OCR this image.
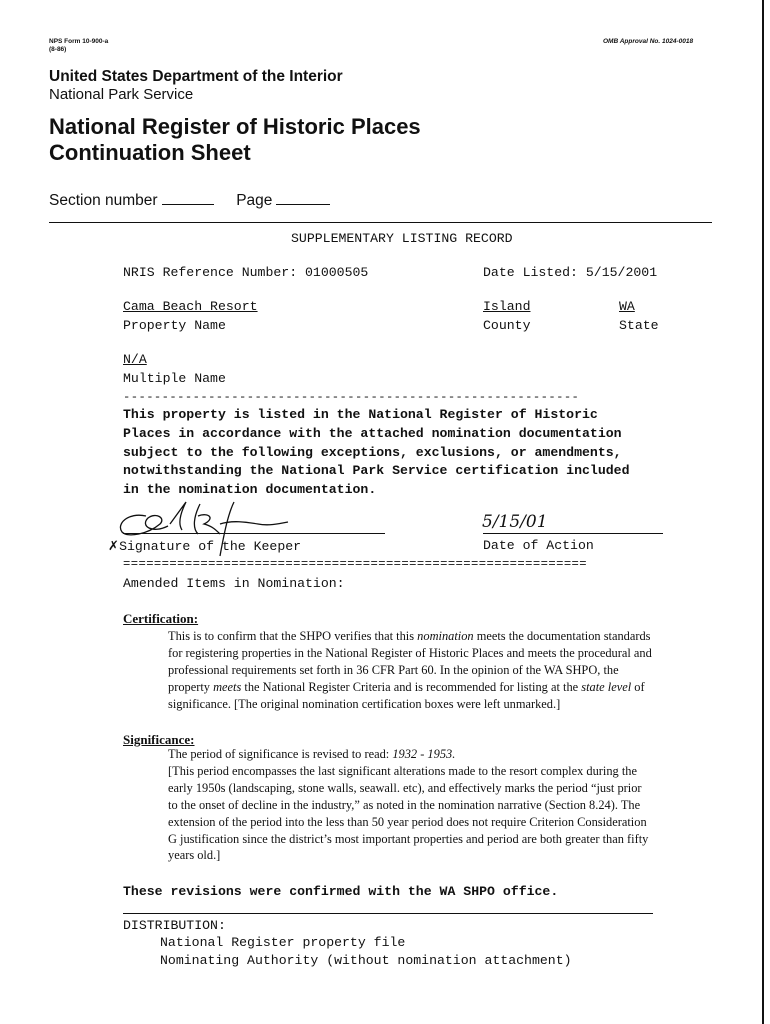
NPS Form 10-900-a
(8-86)
OMB Approval No. 1024-0018
United States Department of the Interior
National Park Service
National Register of Historic Places
Continuation Sheet
Section number	Page
SUPPLEMENTARY LISTING RECORD
NRIS Reference Number: 01000505	Date Listed: 5/15/2001
Cama Beach Resort
Property Name
Island
County
WA
State
N/A
Multiple Name
-----------------------------------------------------------
This property is listed in the National Register of Historic
Places in accordance with the attached nomination documentation
subject to the following exceptions, exclusions, or amendments,
notwithstanding the National Park Service certification included
in the nomination documentation.
✗Signature of the Keeper
5/15/01
Date of Action
============================================================
Amended Items in Nomination:
Certification:
This is to confirm that the SHPO verifies that this nomination meets the documentation standards
for registering properties in the National Register of Historic Places and meets the procedural and
professional requirements set forth in 36 CFR Part 60. In the opinion of the WA SHPO, the
property meets the National Register Criteria and is recommended for listing at the state level of
significance. [The original nomination certification boxes were left unmarked.]
Significance:
The period of significance is revised to read: 1932 - 1953.
[This period encompasses the last significant alterations made to the resort complex during the
early 1950s (landscaping, stone walls, seawall. etc), and effectively marks the period “just prior
to the onset of decline in the industry,” as noted in the nomination narrative (Section 8.24). The
extension of the period into the less than 50 year period does not require Criterion Consideration
G justification since the district’s most important properties and period are both greater than fifty
years old.]
These revisions were confirmed with the WA SHPO office.
DISTRIBUTION:
National Register property file
Nominating Authority (without nomination attachment)
